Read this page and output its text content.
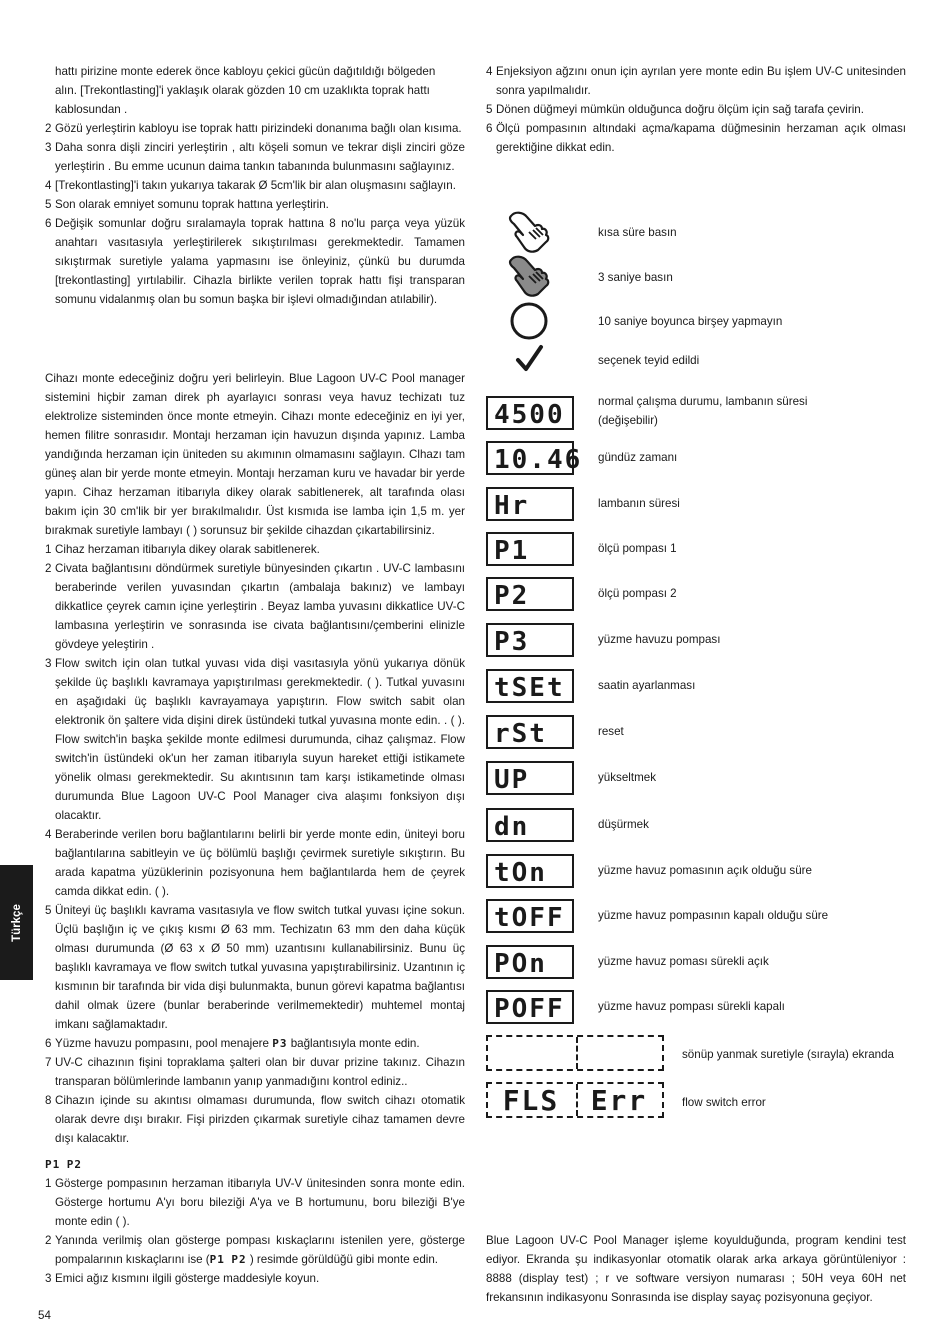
hattı pirizine monte ederek önce kabloyu çekici gücün dağıtıldığı bölgeden
alın. [Trekontlasting]'i yaklaşık olarak gözden 10 cm uzaklıkta toprak hattı
kablosundan .
2 Gözü yerleştirin kabloyu ise toprak hattı pirizindeki donanıma bağlı olan kısıma.
3 Daha sonra dişli zinciri yerleştirin , altı köşeli somun ve tekrar dişli zinciri göze yerleştirin . Bu emme ucunun daima tankın tabanında bulunmasını sağlayınız.
4 [Trekontlasting]'i takın yukarıya takarak Ø 5cm'lik bir alan oluşmasını sağlayın.
5 Son olarak emniyet somunu toprak hattına yerleştirin.
6 Değişik somunlar doğru sıralamayla toprak hattına 8 no'lu parça veya yüzük anahtarı vasıtasıyla yerleştirilerek sıkıştırılması gerekmektedir. Tamamen sıkıştırmak suretiyle yalama yapmasını ise önleyiniz, çünkü bu durumda [trekontlasting] yırtılabilir. Cihazla birlikte verilen toprak hattı fişi transparan somunu vidalanmış olan bu somun başka bir işlevi olmadığından atılabilir).
Cihazı monte edeceğiniz doğru yeri belirleyin. Blue Lagoon UV-C Pool manager sistemini hiçbir zaman direk ph ayarlayıcı sonrası veya havuz techizatı tuz elektrolize sisteminden önce monte etmeyin. Cihazı monte edeceğiniz en iyi yer, hemen filitre sonrasıdır. Montajı herzaman için havuzun dışında yapınız. Lamba yandığında herzaman için üniteden su akımının olmamasını sağlayın. Clhazı tam güneş alan bir yerde monte etmeyin. Montajı herzaman kuru ve havadar bir yerde yapın. Cihaz herzaman itibarıyla dikey olarak sabitlenerek, alt tarafında olası bakım için 30 cm'lik bir yer bırakılmalıdır. Üst kısmıda ise lamba için 1,5 m. yer bırakmak suretiyle lambayı ( ) sorunsuz bir şekilde cihazdan çıkartabilirsiniz.
1 Cihaz herzaman itibarıyla dikey olarak sabitlenerek.
2 Civata bağlantısını döndürmek suretiyle bünyesinden çıkartın . UV-C lambasını beraberinde verilen yuvasından çıkartın (ambalaja bakınız) ve lambayı dikkatlice çeyrek camın içine yerleştirin . Beyaz lamba yuvasını dikkatlice UV-C lambasına yerleştirin ve sonrasında ise civata bağlantısını/çemberini elinizle gövdeye yeleştirin .
3 Flow switch için olan tutkal yuvası vida dişi vasıtasıyla yönü yukarıya dönük şekilde üç başlıklı kavramaya yapıştırılması gerekmektedir. ( ). Tutkal yuvasını en aşağıdaki üç başlıklı kavrayamaya yapıştırın. Flow switch sabit olan elektronik ön şaltere vida dişini direk üstündeki tutkal yuvasına monte edin. . ( ). Flow switch'in başka şekilde monte edilmesi durumunda, cihaz çalışmaz. Flow switch'in üstündeki ok'un her zaman itibarıyla suyun hareket ettiği istikamete yönelik olması gerekmektedir. Su akıntısının tam karşı istikametinde olması durumunda Blue Lagoon UV-C Pool Manager civa alaşımı fonksiyon dışı olacaktır.
4 Beraberinde verilen boru bağlantılarını belirli bir yerde monte edin, üniteyi boru bağlantılarına sabitleyin ve üç bölümlü başlığı çevirmek suretiyle sıkıştırın. Bu arada kapatma yüzüklerinin pozisyonuna hem bağlantılarda hem de çeyrek camda dikkat edin. ( ).
5 Üniteyi üç başlıklı kavrama vasıtasıyla ve flow switch tutkal yuvası içine sokun. Üçlü başlığın iç ve çıkış kısmı Ø 63 mm. Techizatın 63 mm den daha küçük olması durumunda (Ø 63 x Ø 50 mm) uzantısını kullanabilirsiniz. Bunu üç başlıklı kavramaya ve flow switch tutkal yuvasına yapıştırabilirsiniz. Uzantının iç kısmının bir tarafında bir vida dişi bulunmakta, bunun görevi kapatma bağlantısı dahil olmak üzere (bunlar beraberinde verilmemektedir) muhtemel montaj imkanı sağlamaktadır.
6 Yüzme havuzu pompasını, pool menajere P3 bağlantısıyla monte edin.
7 UV-C cihazının fişini topraklama şalteri olan bir duvar prizine takınız. Cihazın transparan bölümlerinde lambanın yanıp yanmadığını kontrol ediniz..
8 Cihazın içinde su akıntısı olmaması durumunda, flow switch cihazı otomatik olarak devre dışı bırakır. Fişi pirizden çıkarmak suretiyle cihaz tamamen devre dışı kalacaktır.
P1 P2
1 Gösterge pompasının herzaman itibarıyla UV-V ünitesinden sonra monte edin. Gösterge hortumu A'yı boru bileziği A'ya ve B hortumunu, boru bileziği B'ye monte edin ( ).
2 Yanında verilmiş olan gösterge pompası kıskaçlarını istenilen yere, gösterge pompalarının kıskaçlarını ise (P1 P2 ) resimde görüldüğü gibi monte edin.
3 Emici ağız kısmını ilgili gösterge maddesiyle koyun.
4 Enjeksiyon ağzını onun için ayrılan yere monte edin Bu işlem UV-C unitesinden sonra yapılmalıdır.
5 Dönen düğmeyi mümkün olduğunca doğru ölçüm için sağ tarafa çevirin.
6 Ölçü pompasının altındaki açma/kapama düğmesinin herzaman açık olması gerektiğine dikkat edin.
kısa süre basın
3 saniye basın
10 saniye boyunca birşey yapmayın
seçenek teyid edildi
4500	normal çalışma durumu, lambanın süresi (değişebilir)
10.46 gündüz zamanı
Hr	lambanın süresi
P1	ölçü pompası 1
P2	ölçü pompası 2
P3	yüzme havuzu pompası
tSEt	saatin ayarlanması
rSt	reset
UP	yükseltmek
dn	düşürmek
tOn	yüzme havuz pomasının açık olduğu süre
tOFF	yüzme havuz pompasının kapalı olduğu süre
POn	yüzme havuz poması sürekli açık
POFF	yüzme havuz pompası sürekli kapalı
sönüp yanmak suretiyle (sırayla) ekranda
FLS Err	flow switch error
Blue Lagoon UV-C Pool Manager işleme koyulduğunda, program kendini test ediyor. Ekranda şu indikasyonlar otomatik olarak arka arkaya görüntüleniyor : 8888 (display test) ; r ve software versiyon numarası ; 50H veya 60H net frekansının indikasyonu Sonrasında ise display sayaç pozisyonuna geçiyor.
Türkçe
54
